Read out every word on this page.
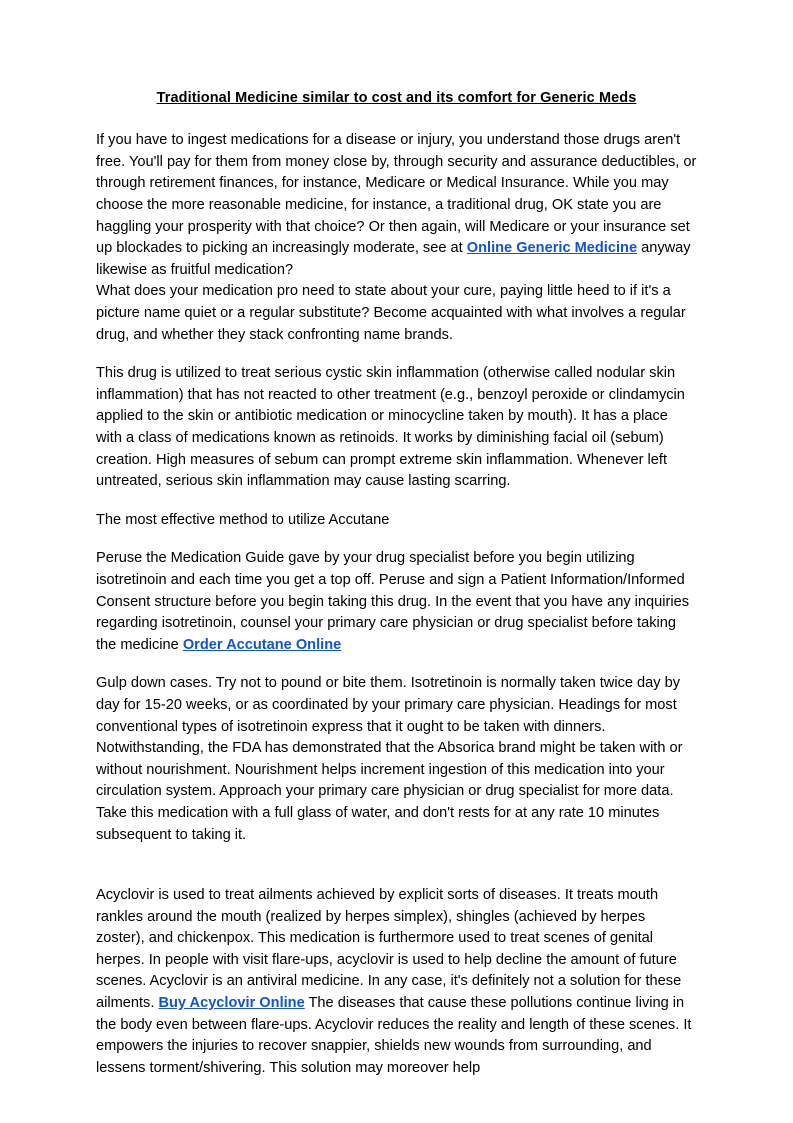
Traditional Medicine similar to cost and its comfort for Generic Meds

If you have to ingest medications for a disease or injury, you understand those drugs aren't free. You'll pay for them from money close by, through security and assurance deductibles, or through retirement finances, for instance, Medicare or Medical Insurance. While you may choose the more reasonable medicine, for instance, a traditional drug, OK state you are haggling your prosperity with that choice? Or then again, will Medicare or your insurance set up blockades to picking an increasingly moderate, see at Online Generic Medicine anyway likewise as fruitful medication?

What does your medication pro need to state about your cure, paying little heed to if it's a picture name quiet or a regular substitute? Become acquainted with what involves a regular drug, and whether they stack confronting name brands.

This drug is utilized to treat serious cystic skin inflammation (otherwise called nodular skin inflammation) that has not reacted to other treatment (e.g., benzoyl peroxide or clindamycin applied to the skin or antibiotic medication or minocycline taken by mouth). It has a place with a class of medications known as retinoids. It works by diminishing facial oil (sebum) creation. High measures of sebum can prompt extreme skin inflammation. Whenever left untreated, serious skin inflammation may cause lasting scarring.

The most effective method to utilize Accutane

Peruse the Medication Guide gave by your drug specialist before you begin utilizing isotretinoin and each time you get a top off. Peruse and sign a Patient Information/Informed Consent structure before you begin taking this drug. In the event that you have any inquiries regarding isotretinoin, counsel your primary care physician or drug specialist before taking the medicine Order Accutane Online

Gulp down cases. Try not to pound or bite them. Isotretinoin is normally taken twice day by day for 15-20 weeks, or as coordinated by your primary care physician. Headings for most conventional types of isotretinoin express that it ought to be taken with dinners. Notwithstanding, the FDA has demonstrated that the Absorica brand might be taken with or without nourishment. Nourishment helps increment ingestion of this medication into your circulation system. Approach your primary care physician or drug specialist for more data. Take this medication with a full glass of water, and don't rests for at any rate 10 minutes subsequent to taking it.

Acyclovir is used to treat ailments achieved by explicit sorts of diseases. It treats mouth rankles around the mouth (realized by herpes simplex), shingles (achieved by herpes zoster), and chickenpox. This medication is furthermore used to treat scenes of genital herpes. In people with visit flare-ups, acyclovir is used to help decline the amount of future scenes. Acyclovir is an antiviral medicine. In any case, it's definitely not a solution for these ailments. Buy Acyclovir Online The diseases that cause these pollutions continue living in the body even between flare-ups. Acyclovir reduces the reality and length of these scenes. It empowers the injuries to recover snappier, shields new wounds from surrounding, and lessens torment/shivering. This solution may moreover help
